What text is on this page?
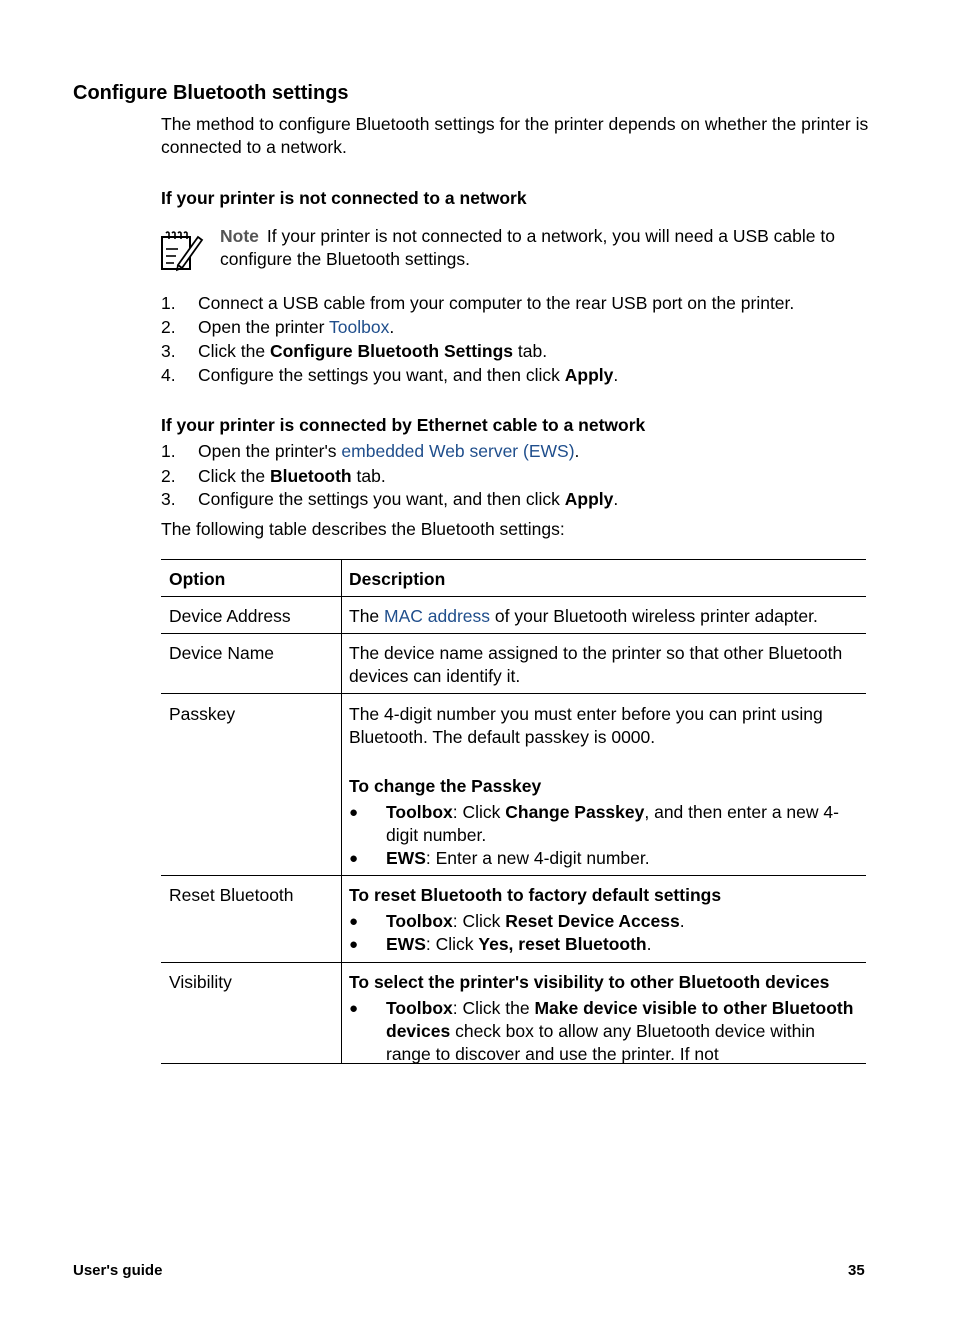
Configure Bluetooth settings

The method to configure Bluetooth settings for the printer depends on whether the printer is connected to a network.

If your printer is not connected to a network

Note If your printer is not connected to a network, you will need a USB cable to configure the Bluetooth settings.
1. Connect a USB cable from your computer to the rear USB port on the printer.
2. Open the printer Toolbox.
3. Click the Configure Bluetooth Settings tab.
4. Configure the settings you want, and then click Apply.

If your printer is connected by Ethernet cable to a network

1. Open the printer's embedded Web server (EWS).
2. Click the Bluetooth tab.
3. Configure the settings you want, and then click Apply.

The following table describes the Bluetooth settings:

Option	Description
Device Address	The MAC address of your Bluetooth wireless printer adapter.
Device Name	The device name assigned to the printer so that other Bluetooth devices can identify it.
Passkey	The 4-digit number you must enter before you can print using Bluetooth. The default passkey is 0000.
To change the Passkey
● Toolbox: Click Change Passkey, and then enter a new 4-digit number.
● EWS: Enter a new 4-digit number.
Reset Bluetooth	To reset Bluetooth to factory default settings
● Toolbox: Click Reset Device Access.
● EWS: Click Yes, reset Bluetooth.
Visibility	To select the printer's visibility to other Bluetooth devices
● Toolbox: Click the Make device visible to other Bluetooth devices check box to allow any Bluetooth device within range to discover and use the printer. If not
User's guide	35
